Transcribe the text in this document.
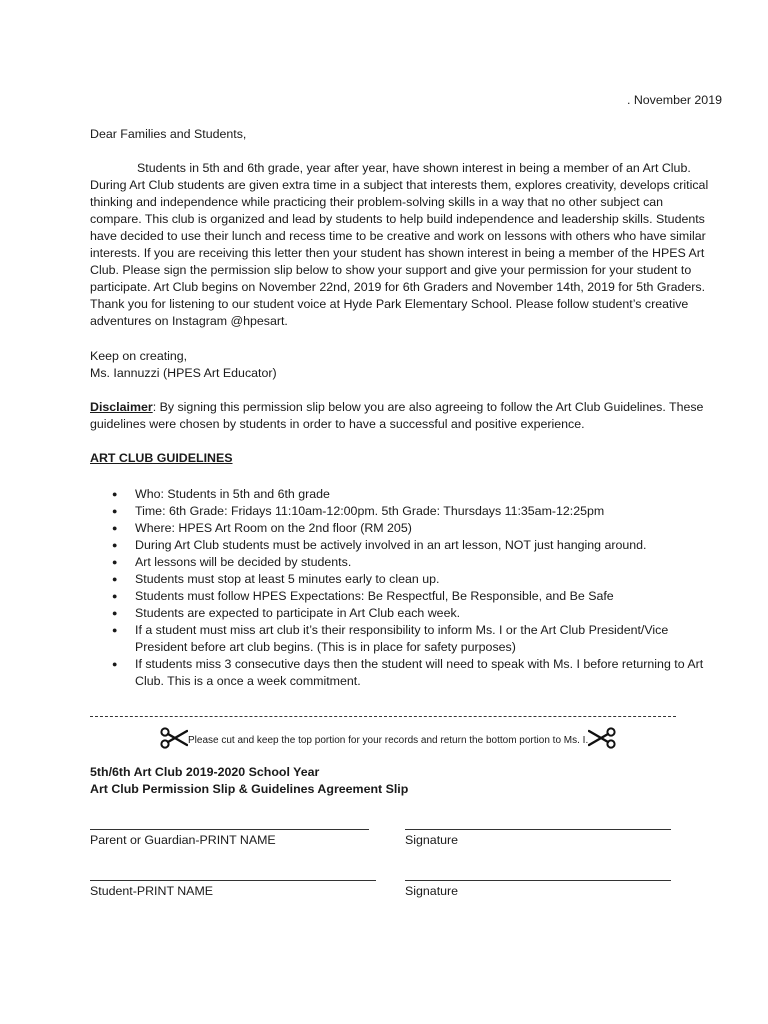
. November 2019
Dear Families and Students,
Students in 5th and 6th grade, year after year, have shown interest in being a member of an Art Club.
During Art Club students are given extra time in a subject that interests them, explores creativity, develops critical
thinking and independence while practicing their problem-solving skills in a way that no other subject can
compare. This club is organized and lead by students to help build independence and leadership skills. Students
have decided to use their lunch and recess time to be creative and work on lessons with others who have similar
interests. If you are receiving this letter then your student has shown interest in being a member of the HPES Art
Club. Please sign the permission slip below to show your support and give your permission for your student to
participate. Art Club begins on November 22nd, 2019 for 6th Graders and November 14th, 2019 for 5th Graders.
Thank you for listening to our student voice at Hyde Park Elementary School. Please follow student’s creative
adventures on Instagram @hpesart.
Keep on creating,
Ms. Iannuzzi (HPES Art Educator)
Disclaimer: By signing this permission slip below you are also agreeing to follow the Art Club Guidelines. These
guidelines were chosen by students in order to have a successful and positive experience.
ART CLUB GUIDELINES
● Who: Students in 5th and 6th grade
● Time: 6th Grade: Fridays 11:10am-12:00pm. 5th Grade: Thursdays 11:35am-12:25pm
● Where: HPES Art Room on the 2nd floor (RM 205)
● During Art Club students must be actively involved in an art lesson, NOT just hanging around.
● Art lessons will be decided by students.
● Students must stop at least 5 minutes early to clean up.
● Students must follow HPES Expectations: Be Respectful, Be Responsible, and Be Safe
● Students are expected to participate in Art Club each week.
● If a student must miss art club it’s their responsibility to inform Ms. I or the Art Club President/Vice
President before art club begins. (This is in place for safety purposes)
● If students miss 3 consecutive days then the student will need to speak with Ms. I before returning to Art
Club. This is a once a week commitment.
Please cut and keep the top portion for your records and return the bottom portion to Ms. I.
5th/6th Art Club 2019-2020 School Year
Art Club Permission Slip & Guidelines Agreement Slip
Parent or Guardian-PRINT NAME	Signature
Student-PRINT NAME	Signature
